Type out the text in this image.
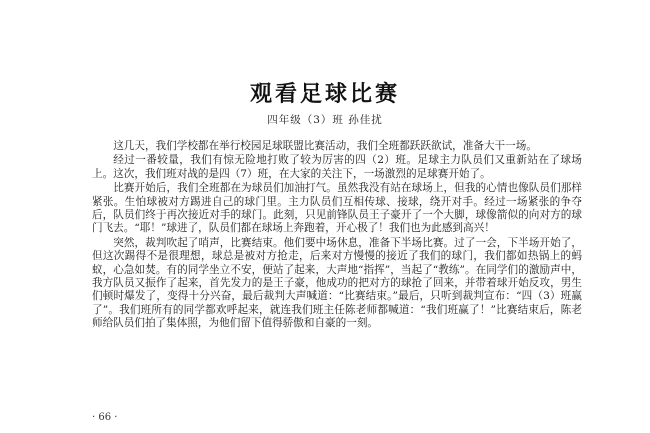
观看足球比赛
四年级（3）班 孙佳扰

这几天，我们学校都在举行校园足球联盟比赛活动，我们全班都跃跃欲试，准备大干一场。

经过一番较量，我们有惊无险地打败了较为厉害的四（2）班。足球主力队员们又重新站在了球场上。这次，我们班对战的是四（7）班，在大家的关注下，一场激烈的足球赛开始了。

比赛开始后，我们全班都在为球员们加油打气。虽然我没有站在球场上，但我的心情也像队员们那样紧张。生怕球被对方踢进自己的球门里。主力队员们互相传球、接球，绕开对手。经过一场紧张的争夺后，队员们终于再次接近对手的球门。此刻，只见前锋队员王子豪开了一个大脚，球像箭似的向对方的球门飞去。“耶！”球进了，队员们都在球场上奔跑着，开心极了！我们也为此感到高兴！

突然，裁判吹起了哨声，比赛结束。他们要中场休息，准备下半场比赛。过了一会，下半场开始了，但这次踢得不是很理想，球总是被对方抢走，后来对方慢慢的接近了我们的球门，我们都如热锅上的蚂蚁，心急如焚。有的同学坐立不安，便站了起来，大声地“指挥”，当起了“教练”。在同学们的激励声中，我方队员又振作了起来，首先发力的是王子豪，他成功的把对方的球抢了回来，并带着球开始反攻，男生们顿时爆发了，变得十分兴奋，最后裁判大声喊道：“比赛结束。”最后，只听到裁判宣布：“四（3）班赢了”。我们班所有的同学都欢呼起来，就连我们班主任陈老师都喊道：“我们班赢了！”比赛结束后，陈老师给队员们拍了集体照，为他们留下值得骄傲和自豪的一刻。

· 66 ·
